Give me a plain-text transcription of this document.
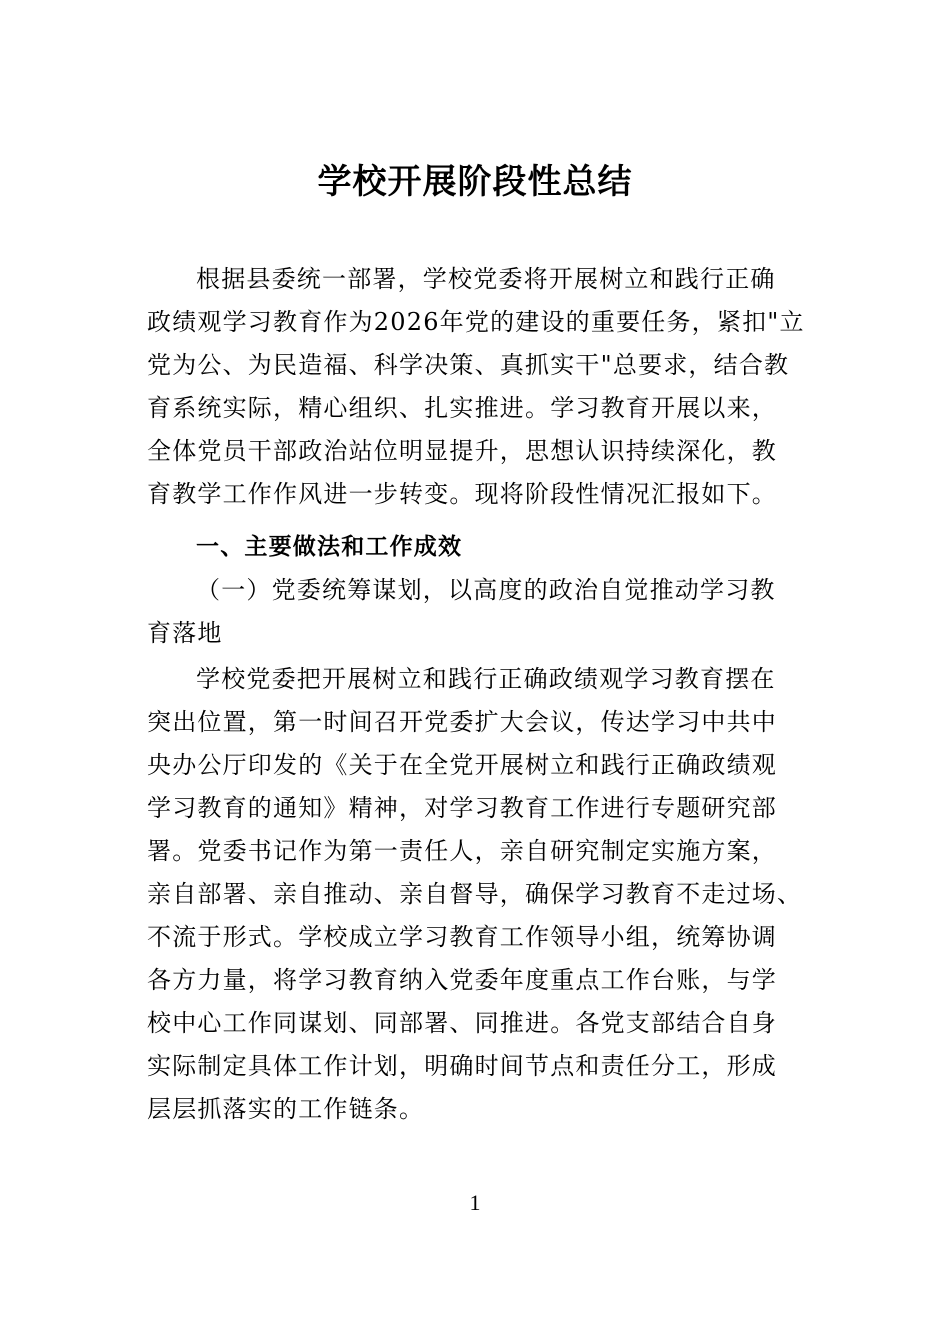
学校开展阶段性总结
根据县委统一部署，学校党委将开展树立和践行正确
政绩观学习教育作为2026年党的建设的重要任务，紧扣"立
党为公、为民造福、科学决策、真抓实干"总要求，结合教
育系统实际，精心组织、扎实推进。学习教育开展以来，
全体党员干部政治站位明显提升，思想认识持续深化，教
育教学工作作风进一步转变。现将阶段性情况汇报如下。
一、主要做法和工作成效
（一）党委统筹谋划，以高度的政治自觉推动学习教
育落地
学校党委把开展树立和践行正确政绩观学习教育摆在
突出位置，第一时间召开党委扩大会议，传达学习中共中
央办公厅印发的《关于在全党开展树立和践行正确政绩观
学习教育的通知》精神，对学习教育工作进行专题研究部
署。党委书记作为第一责任人，亲自研究制定实施方案，
亲自部署、亲自推动、亲自督导，确保学习教育不走过场、
不流于形式。学校成立学习教育工作领导小组，统筹协调
各方力量，将学习教育纳入党委年度重点工作台账，与学
校中心工作同谋划、同部署、同推进。各党支部结合自身
实际制定具体工作计划，明确时间节点和责任分工，形成
层层抓落实的工作链条。
1
